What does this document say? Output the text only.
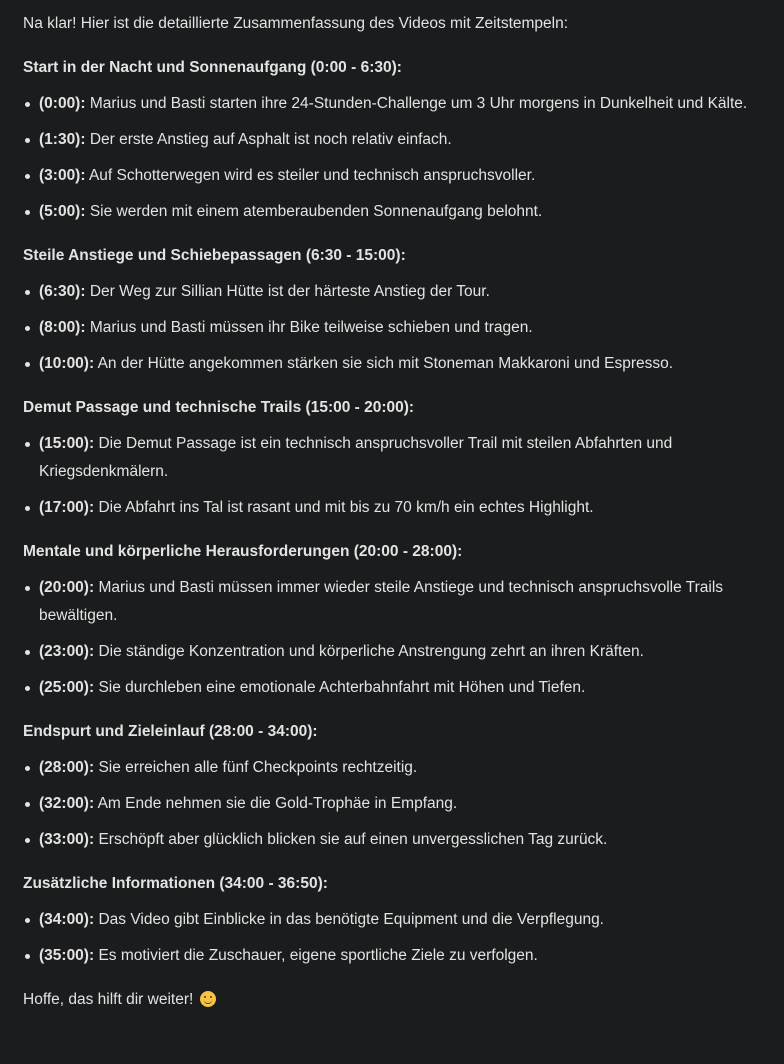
Na klar! Hier ist die detaillierte Zusammenfassung des Videos mit Zeitstempeln:

Start in der Nacht und Sonnenaufgang (0:00 - 6:30):

(0:00): Marius und Basti starten ihre 24-Stunden-Challenge um 3 Uhr morgens in Dunkelheit und Kälte.
(1:30): Der erste Anstieg auf Asphalt ist noch relativ einfach.
(3:00): Auf Schotterwegen wird es steiler und technisch anspruchsvoller.
(5:00): Sie werden mit einem atemberaubenden Sonnenaufgang belohnt.

Steile Anstiege und Schiebepassagen (6:30 - 15:00):

(6:30): Der Weg zur Sillian Hütte ist der härteste Anstieg der Tour.
(8:00): Marius und Basti müssen ihr Bike teilweise schieben und tragen.
(10:00): An der Hütte angekommen stärken sie sich mit Stoneman Makkaroni und Espresso.

Demut Passage und technische Trails (15:00 - 20:00):

(15:00): Die Demut Passage ist ein technisch anspruchsvoller Trail mit steilen Abfahrten und Kriegsdenkmälern.
(17:00): Die Abfahrt ins Tal ist rasant und mit bis zu 70 km/h ein echtes Highlight.

Mentale und körperliche Herausforderungen (20:00 - 28:00):

(20:00): Marius und Basti müssen immer wieder steile Anstiege und technisch anspruchsvolle Trails bewältigen.
(23:00): Die ständige Konzentration und körperliche Anstrengung zehrt an ihren Kräften.
(25:00): Sie durchleben eine emotionale Achterbahnfahrt mit Höhen und Tiefen.

Endspurt und Zieleinlauf (28:00 - 34:00):

(28:00): Sie erreichen alle fünf Checkpoints rechtzeitig.
(32:00): Am Ende nehmen sie die Gold-Trophäe in Empfang.
(33:00): Erschöpft aber glücklich blicken sie auf einen unvergesslichen Tag zurück.

Zusätzliche Informationen (34:00 - 36:50):

(34:00): Das Video gibt Einblicke in das benötigte Equipment und die Verpflegung.
(35:00): Es motiviert die Zuschauer, eigene sportliche Ziele zu verfolgen.

Hoffe, das hilft dir weiter!
